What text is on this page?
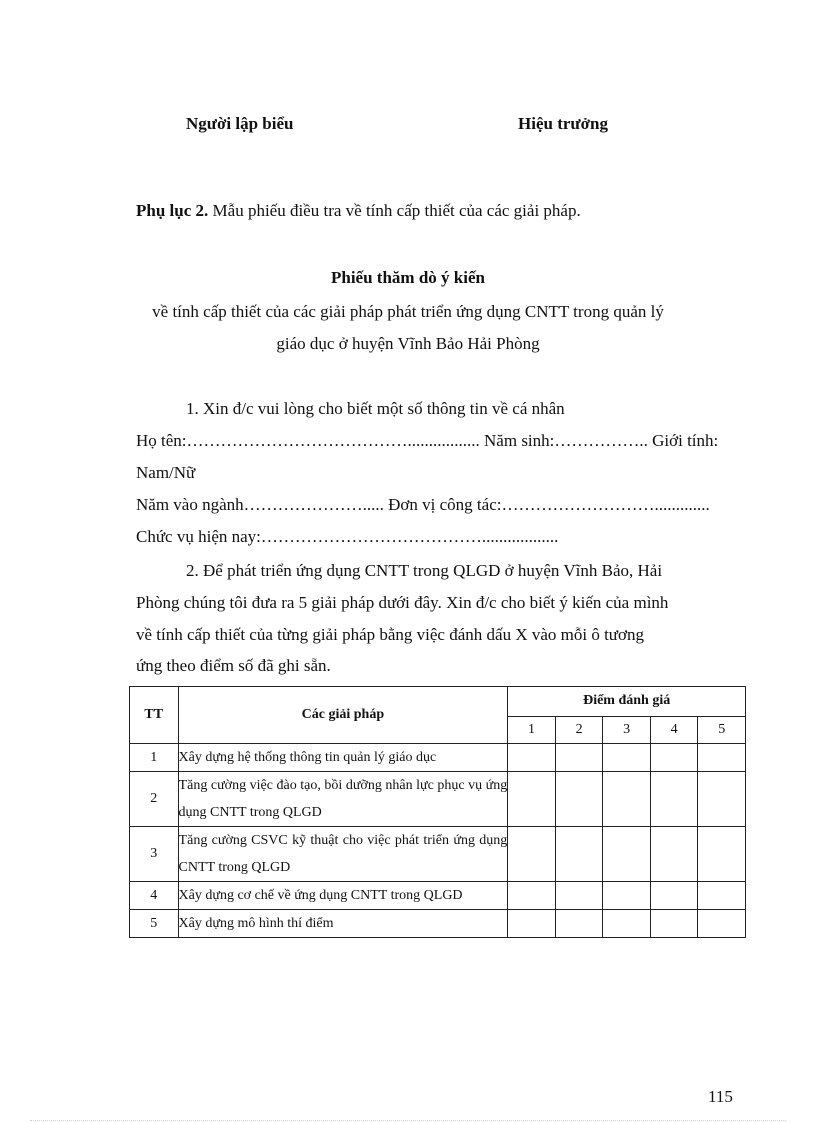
Người lập biểu	Hiệu trưởng
Phụ lục 2. Mẫu phiếu điều tra về tính cấp thiết của các giải pháp.
Phiếu thăm dò ý kiến
về tính cấp thiết của các giải pháp phát triển ứng dụng CNTT trong quản lý
giáo dục ở huyện Vĩnh Bảo Hải Phòng
1. Xin đ/c vui lòng cho biết một số thông tin về cá nhân
Họ tên:…………………………………................. Năm sinh:…………….. Giới tính:
Nam/Nữ
Năm vào ngành…………………..... Đơn vị công tác:……………………….............
Chức vụ hiện nay:…………………………………..................
2. Để phát triển ứng dụng CNTT trong QLGD ở huyện Vĩnh Bảo, Hải
Phòng chúng tôi đưa ra 5 giải pháp dưới đây. Xin đ/c cho biết ý kiến của mình
về tính cấp thiết của từng giải pháp bằng việc đánh dấu X vào mỗi ô tương
ứng theo điểm số đã ghi sẵn.
TT	Các giải pháp	Điểm đánh giá				
		1	2	3	4	5
1	Xây dựng hệ thống thông tin quản lý giáo dục					
2	Tăng cường việc đào tạo, bồi dưỡng nhân lực phục vụ ứng dụng CNTT trong QLGD					
3	Tăng cường CSVC kỹ thuật cho việc phát triển ứng dụng CNTT trong QLGD					
4	Xây dựng cơ chế về ứng dụng CNTT trong QLGD					
5	Xây dựng mô hình thí điểm					
115
